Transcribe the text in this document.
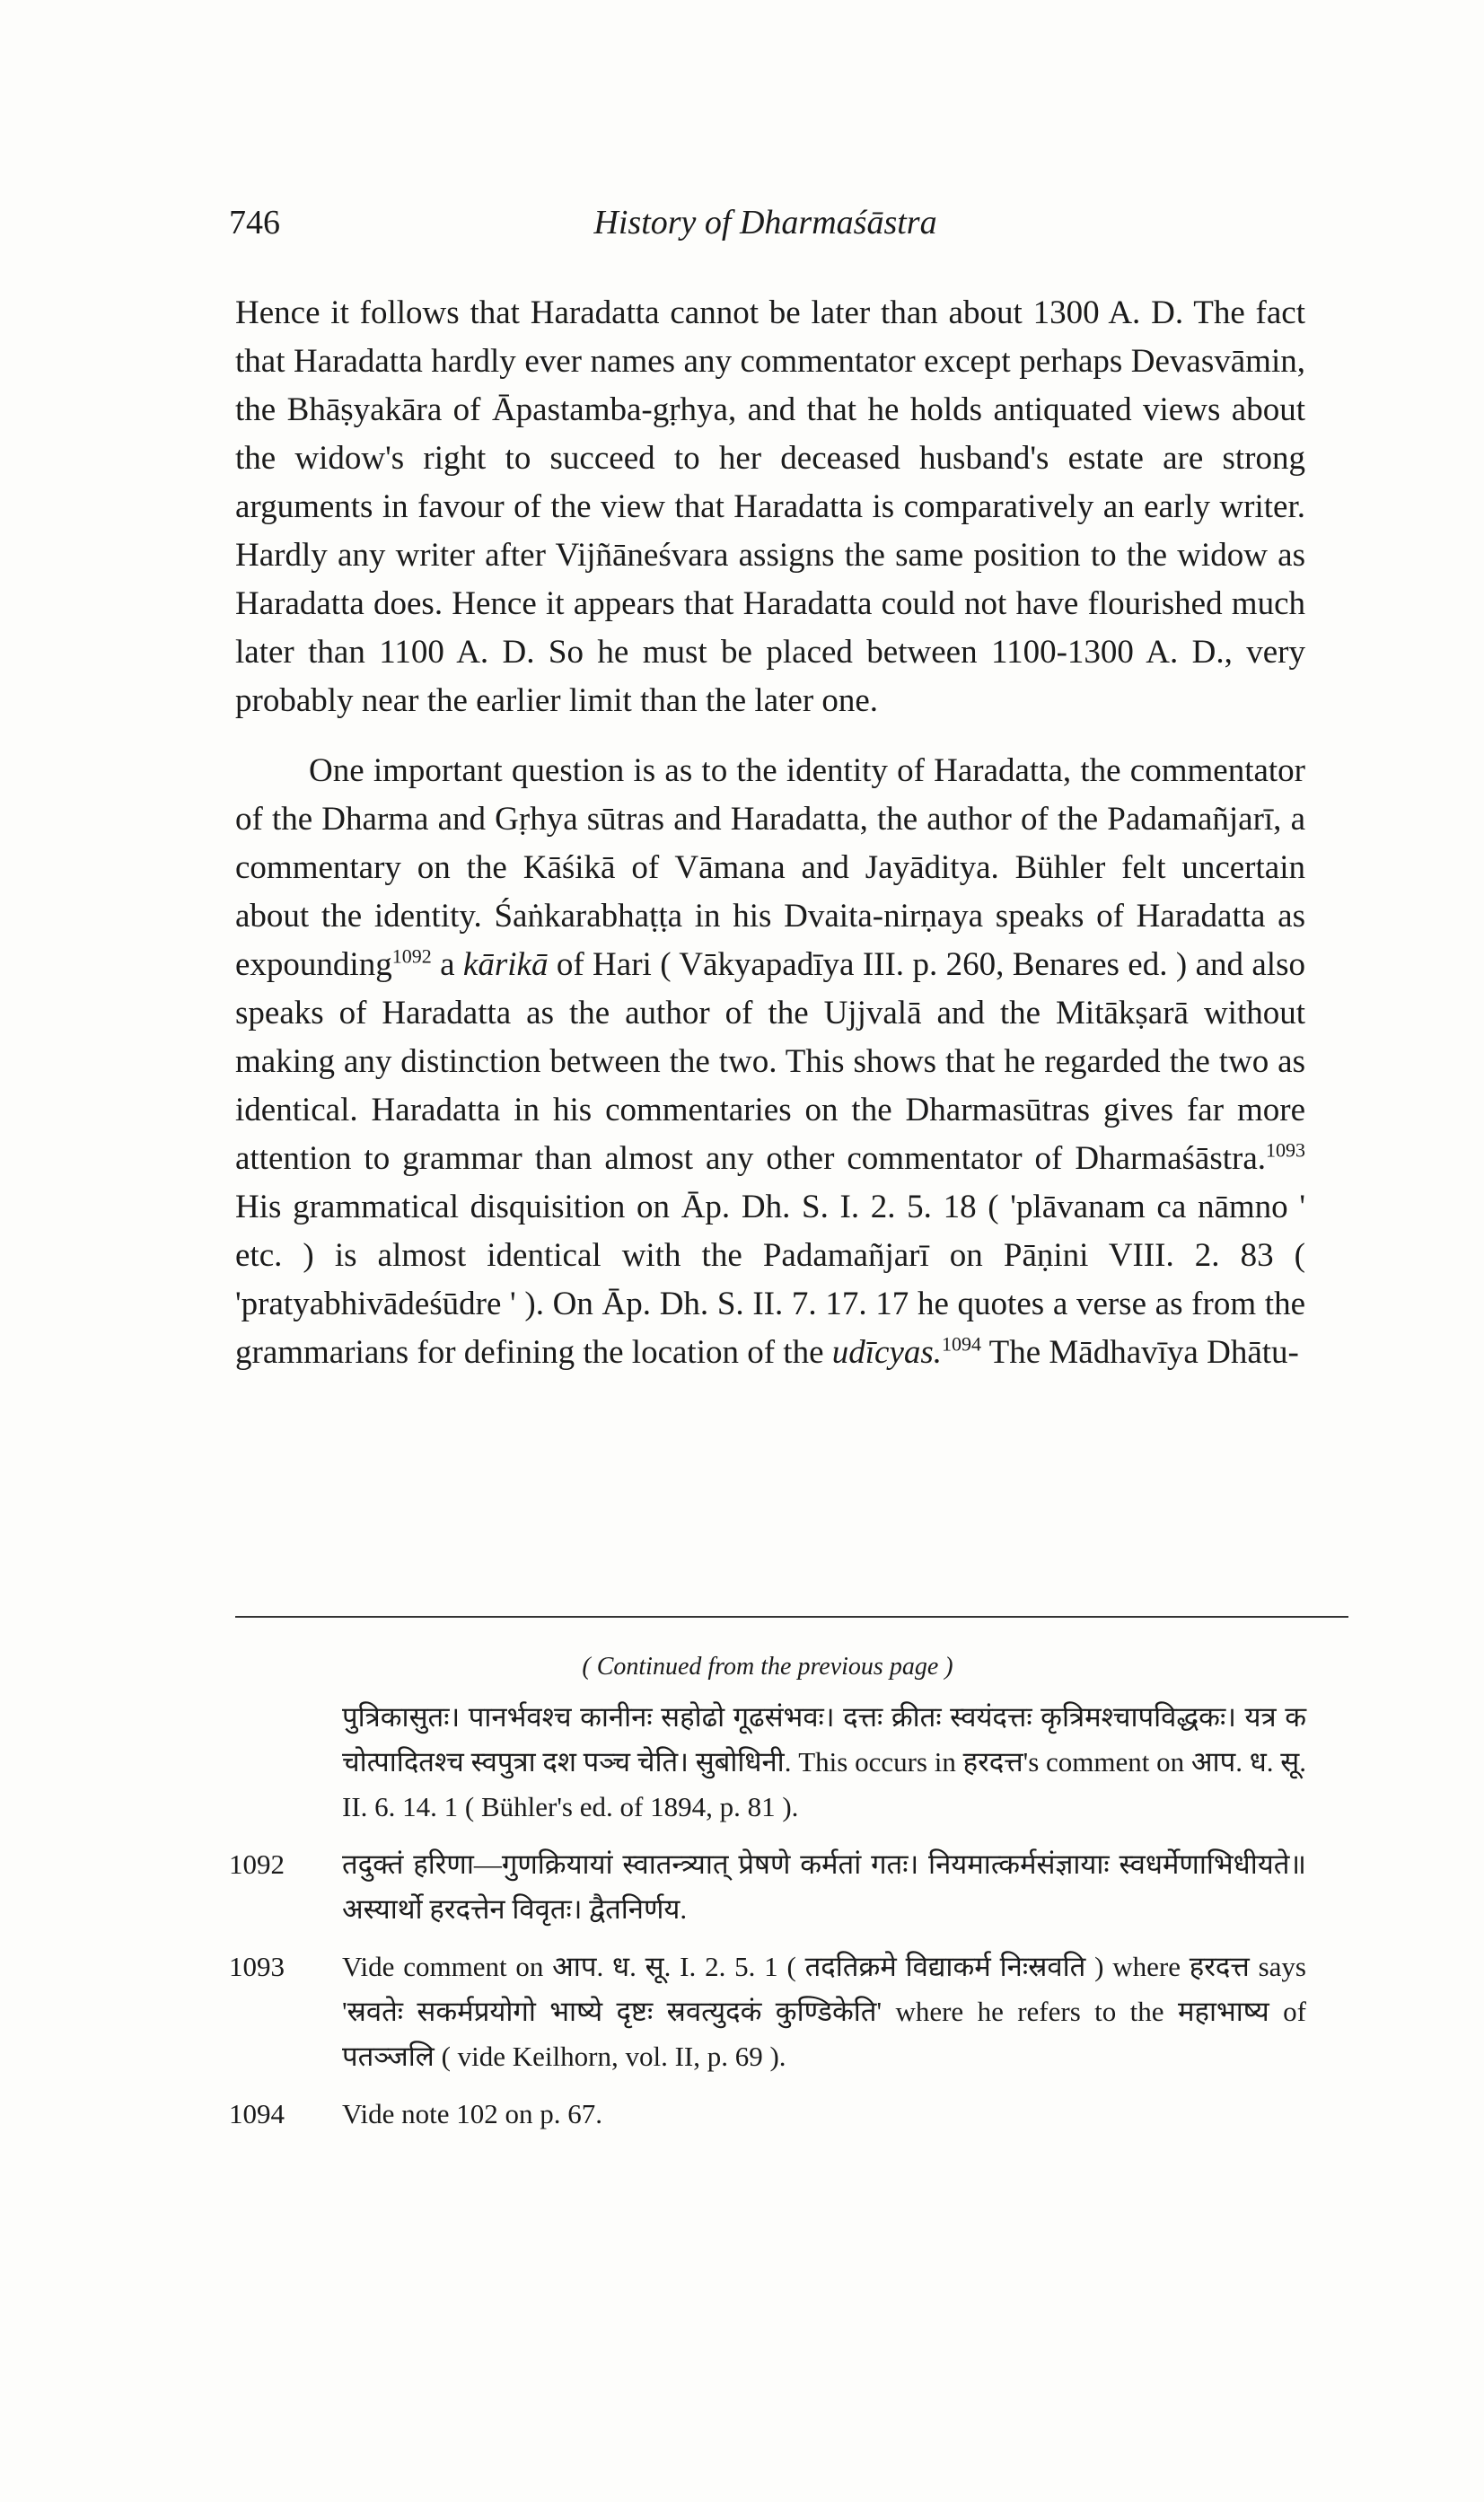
746	History of Dharmaśāstra

Hence it follows that Haradatta cannot be later than about 1300 A. D. The fact that Haradatta hardly ever names any commentator except perhaps Devasvāmin, the Bhāṣyakāra of Āpastamba-gṛhya, and that he holds antiquated views about the widow's right to succeed to her deceased husband's estate are strong arguments in favour of the view that Haradatta is comparatively an early writer. Hardly any writer after Vijñāneśvara assigns the same position to the widow as Haradatta does. Hence it appears that Haradatta could not have flourished much later than 1100 A. D. So he must be placed between 1100-1300 A. D., very probably near the earlier limit than the later one.

One important question is as to the identity of Haradatta, the commentator of the Dharma and Gṛhya sūtras and Haradatta, the author of the Padamañjarī, a commentary on the Kāśikā of Vāmana and Jayāditya. Bühler felt uncertain about the identity. Śaṅkarabhaṭṭa in his Dvaita-nirṇaya speaks of Haradatta as expounding$^{1092}$ a kārikā of Hari ( Vākyapadīya III. p. 260, Benares ed. ) and also speaks of Haradatta as the author of the Ujjvalā and the Mitākṣarā without making any distinction between the two. This shows that he regarded the two as identical. Haradatta in his commentaries on the Dharmasūtras gives far more attention to grammar than almost any other commentator of Dharmaśāstra.$^{1093}$ His grammatical disquisition on Āp. Dh. S. I. 2. 5. 18 ( 'plāvanam ca nāmno ' etc. ) is almost identical with the Padamañjarī on Pāṇini VIII. 2. 83 ( 'pratyabhivādeśūdre ' ). On Āp. Dh. S. II. 7. 17. 17 he quotes a verse as from the grammarians for defining the location of the udīcyas.$^{1094}$ The Mādhavīya Dhātu-

( Continued from the previous page )
पुत्रिकासुतः। पानर्भवश्च कानीनः सहोढो गूढसंभवः। दत्तः क्रीतः स्वयंदत्तः कृत्रिमश्चापविद्धकः। यत्र क चोत्पादितश्च स्वपुत्रा दश पञ्च चेति। सुबोधिनी. This occurs in हरदत्त's comment on आप. ध. सू. II. 6. 14. 1 ( Bühler's ed. of 1894, p. 81 ).
1092	तदुक्तं हरिणा—गुणक्रियायां स्वातन्त्र्यात् प्रेषणे कर्मतां गतः। नियमात्कर्मसंज्ञायाः स्वधर्मेणाभिधीयते॥ अस्यार्थो हरदत्तेन विवृतः। द्वैतनिर्णय.
1093	Vide comment on आप. ध. सू. I. 2. 5. 1 ( तदतिक्रमे विद्याकर्म निःस्रवति ) where हरदत्त says 'स्रवतेः सकर्मप्रयोगो भाष्ये दृष्टः स्रवत्युदकं कुण्डिकेति' where he refers to the महाभाष्य of पतञ्जलि ( vide Keilhorn, vol. II, p. 69 ).
1094	Vide note 102 on p. 67.
